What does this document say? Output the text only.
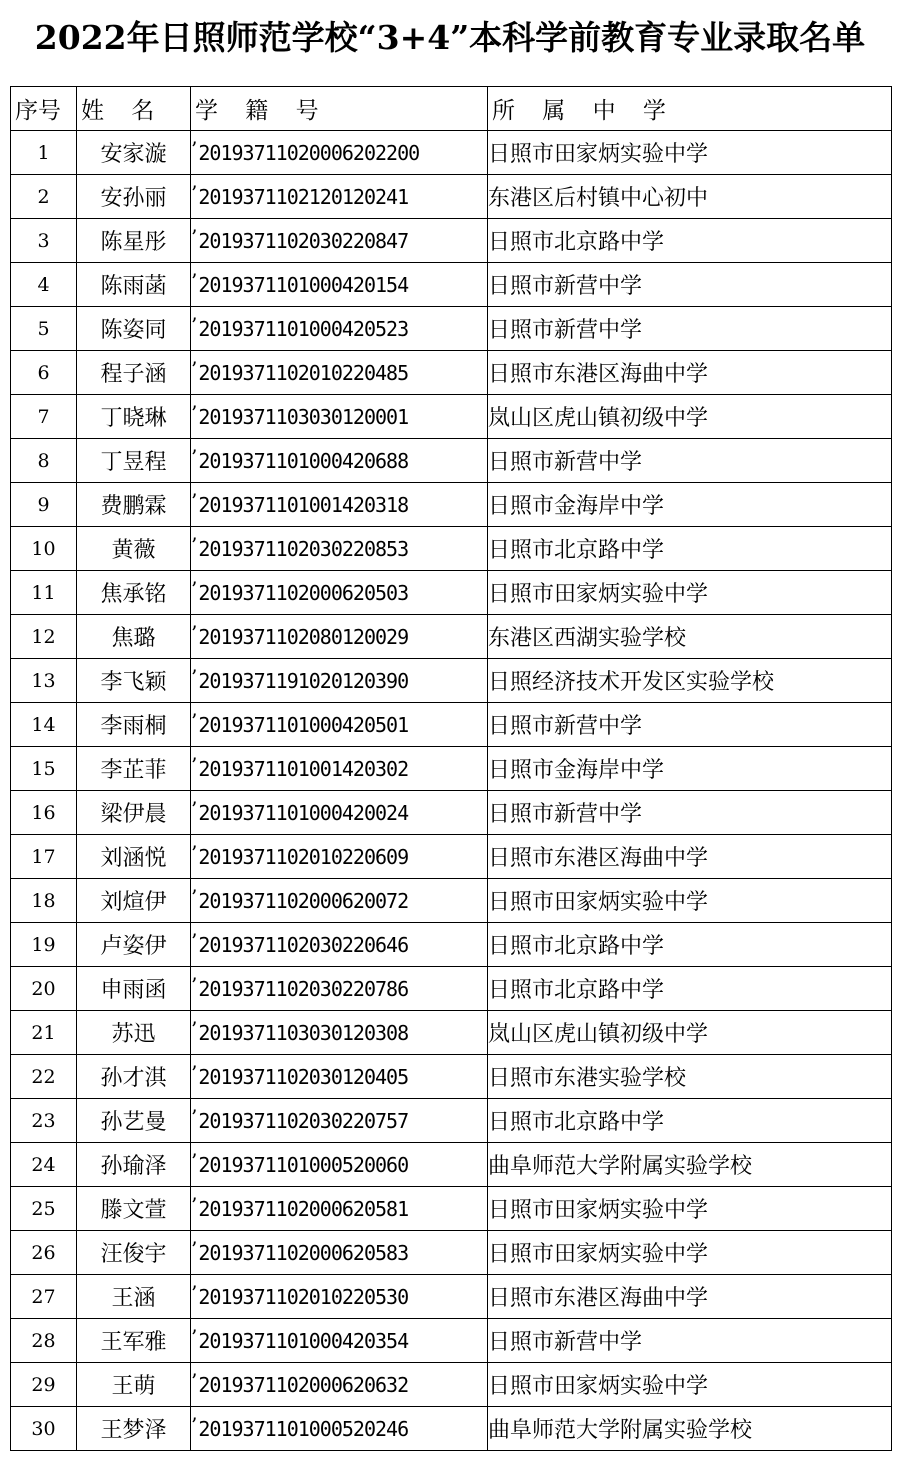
2022年日照师范学校“3+4”本科学前教育专业录取名单
序号	姓 名	学 籍 号	所 属 中 学
1	安家漩	’ 20193711020006202200	日照市田家炳实验中学
2	安孙丽	’ 2019371102120120241	东港区后村镇中心初中
3	陈星彤	’ 2019371102030220847	日照市北京路中学
4	陈雨菡	’ 2019371101000420154	日照市新营中学
5	陈姿同	’ 2019371101000420523	日照市新营中学
6	程子涵	’ 2019371102010220485	日照市东港区海曲中学
7	丁晓琳	’ 2019371103030120001	岚山区虎山镇初级中学
8	丁昱程	’ 2019371101000420688	日照市新营中学
9	费鹏霖	’ 2019371101001420318	日照市金海岸中学
10	黄薇	’ 2019371102030220853	日照市北京路中学
11	焦承铭	’ 2019371102000620503	日照市田家炳实验中学
12	焦璐	’ 2019371102080120029	东港区西湖实验学校
13	李飞颖	’ 2019371191020120390	日照经济技术开发区实验学校
14	李雨桐	’ 2019371101000420501	日照市新营中学
15	李芷菲	’ 2019371101001420302	日照市金海岸中学
16	梁伊晨	’ 2019371101000420024	日照市新营中学
17	刘涵悦	’ 2019371102010220609	日照市东港区海曲中学
18	刘煊伊	’ 2019371102000620072	日照市田家炳实验中学
19	卢姿伊	’ 2019371102030220646	日照市北京路中学
20	申雨函	’ 2019371102030220786	日照市北京路中学
21	苏迅	’ 2019371103030120308	岚山区虎山镇初级中学
22	孙才淇	’ 2019371102030120405	日照市东港实验学校
23	孙艺曼	’ 2019371102030220757	日照市北京路中学
24	孙瑜泽	’ 2019371101000520060	曲阜师范大学附属实验学校
25	滕文萱	’ 2019371102000620581	日照市田家炳实验中学
26	汪俊宇	’ 2019371102000620583	日照市田家炳实验中学
27	王涵	’ 2019371102010220530	日照市东港区海曲中学
28	王军雅	’ 2019371101000420354	日照市新营中学
29	王萌	’ 2019371102000620632	日照市田家炳实验中学
30	王梦泽	’ 2019371101000520246	曲阜师范大学附属实验学校
